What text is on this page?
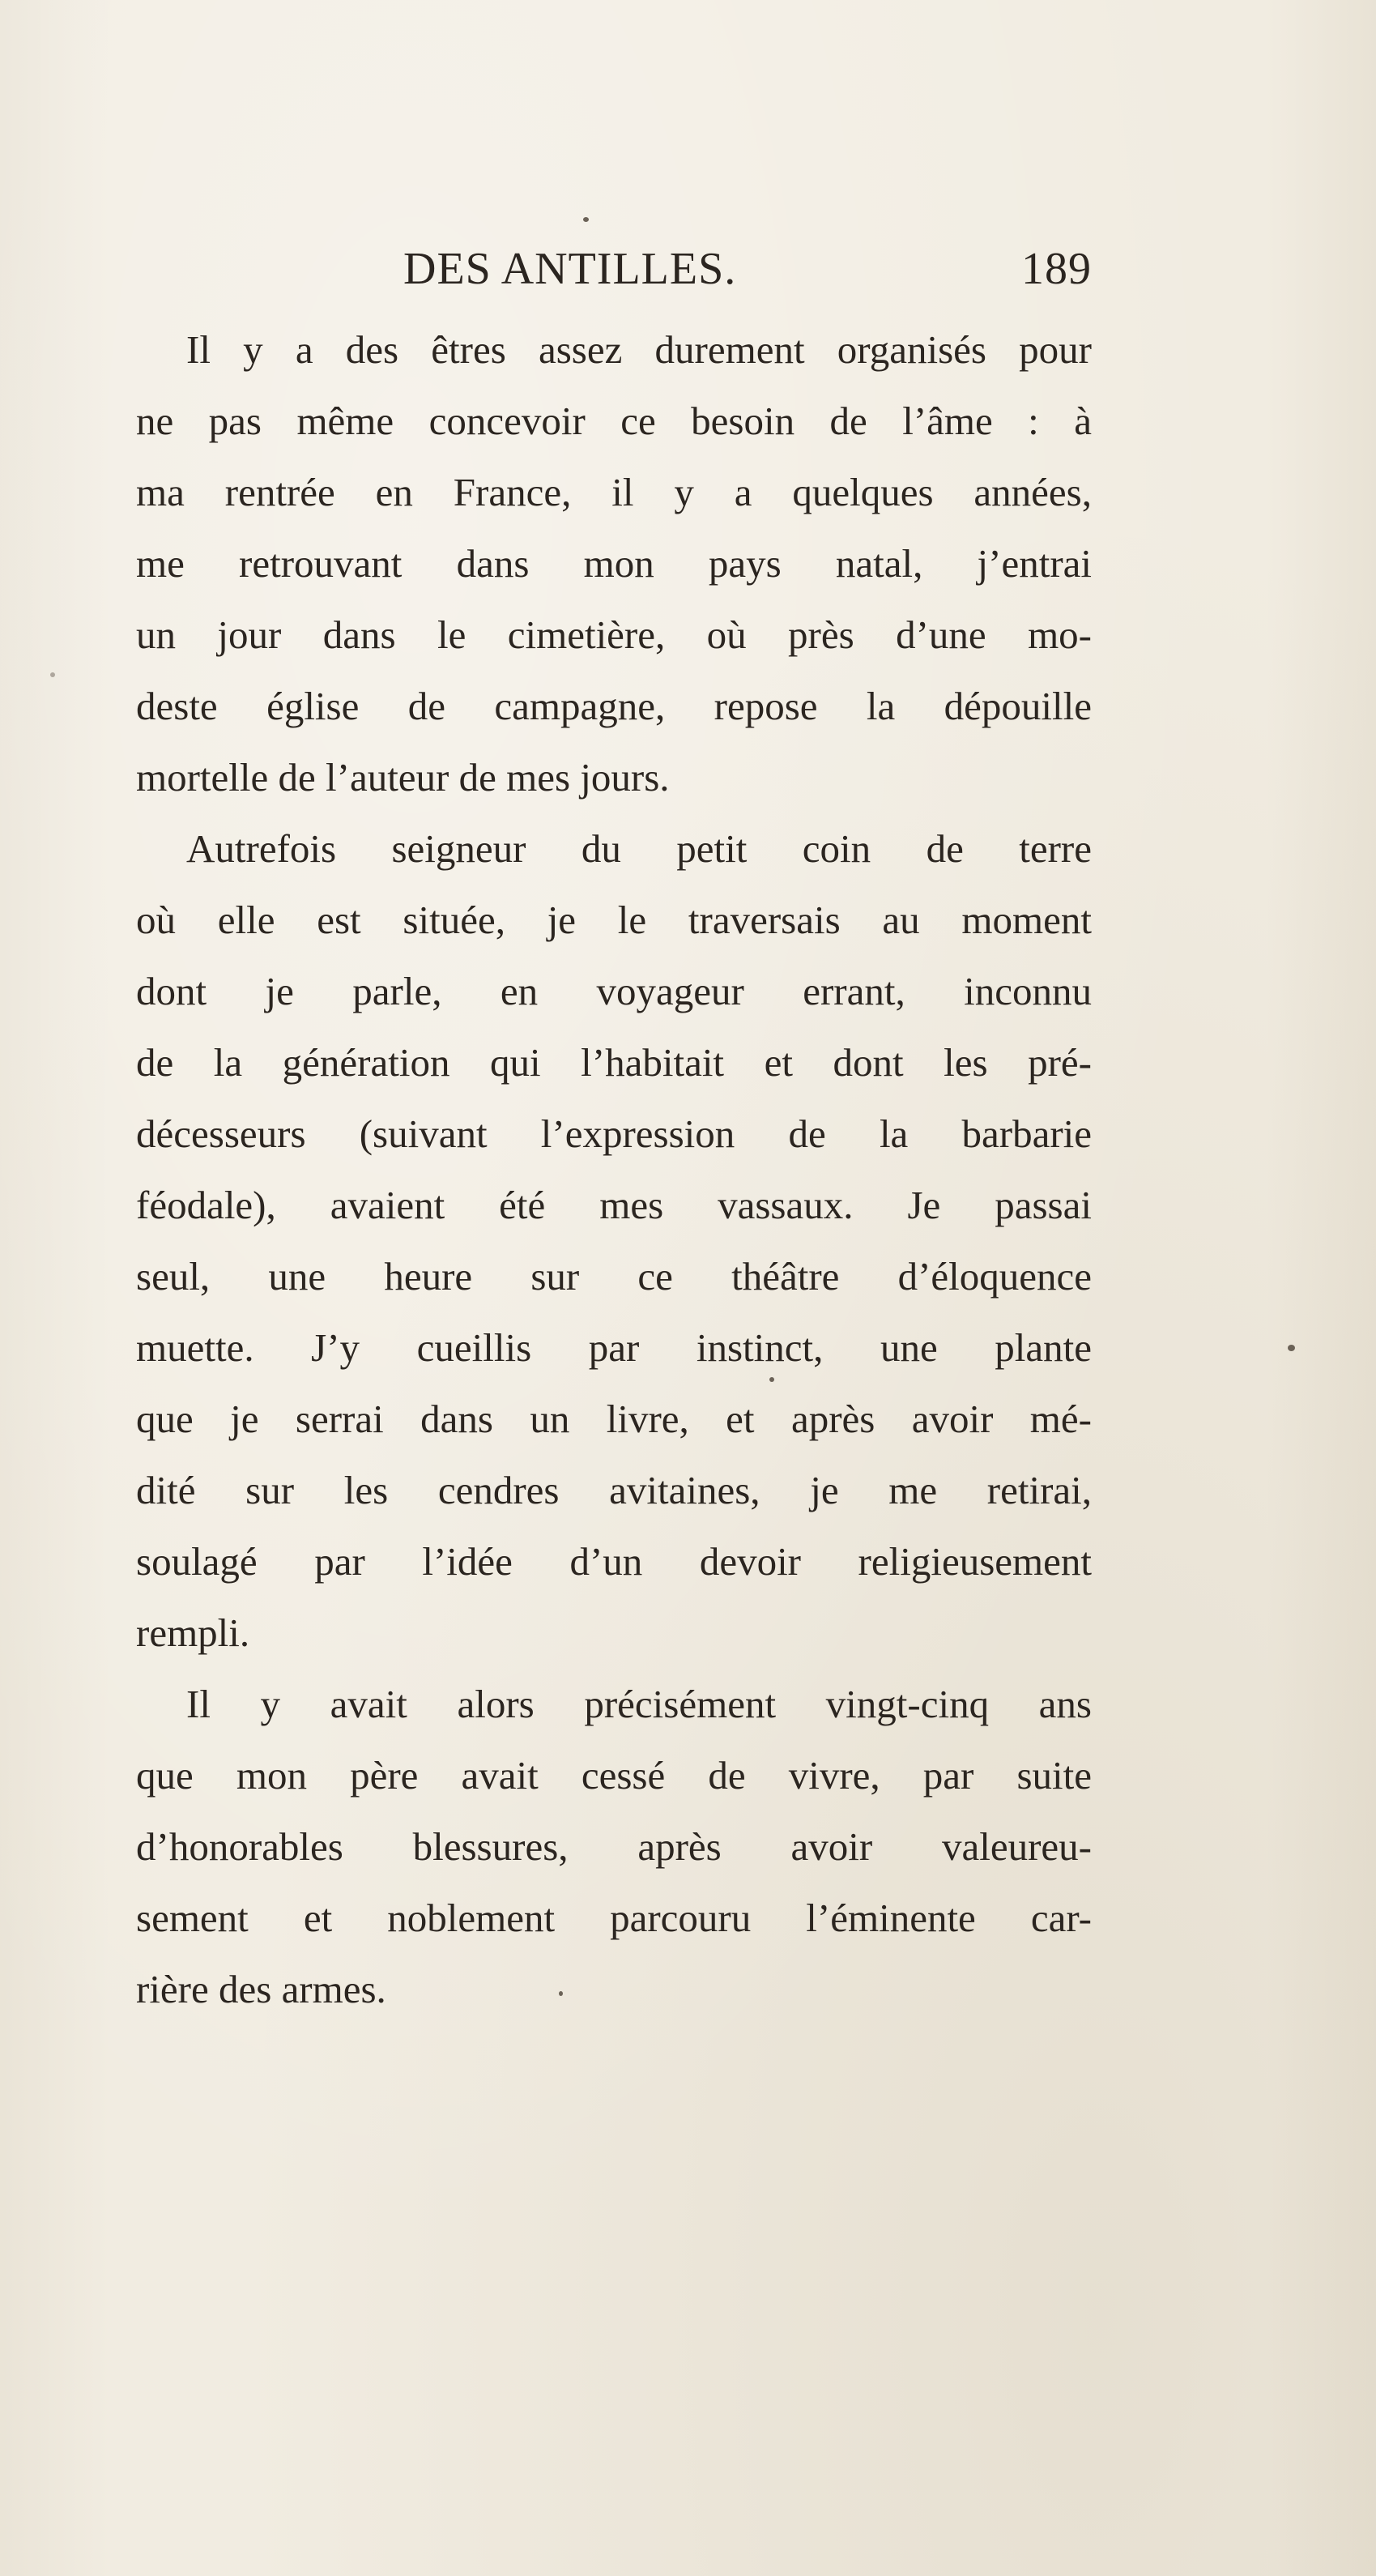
DES ANTILLES.	189

Il y a des êtres assez durement organisés pour
ne pas même concevoir ce besoin de l’âme : à
ma rentrée en France, il y a quelques années,
me retrouvant dans mon pays natal, j’entrai
un jour dans le cimetière, où près d’une mo-
deste église de campagne, repose la dépouille
mortelle de l’auteur de mes jours.

Autrefois seigneur du petit coin de terre
où elle est située, je le traversais au moment
dont je parle, en voyageur errant, inconnu
de la génération qui l’habitait et dont les pré-
décesseurs (suivant l’expression de la barbarie
féodale), avaient été mes vassaux. Je passai
seul, une heure sur ce théâtre d’éloquence
muette. J’y cueillis par instinct, une plante
que je serrai dans un livre, et après avoir mé-
dité sur les cendres avitaines, je me retirai,
soulagé par l’idée d’un devoir religieusement
rempli.

Il y avait alors précisément vingt-cinq ans
que mon père avait cessé de vivre, par suite
d’honorables blessures, après avoir valeureu-
sement et noblement parcouru l’éminente car-
rière des armes.
